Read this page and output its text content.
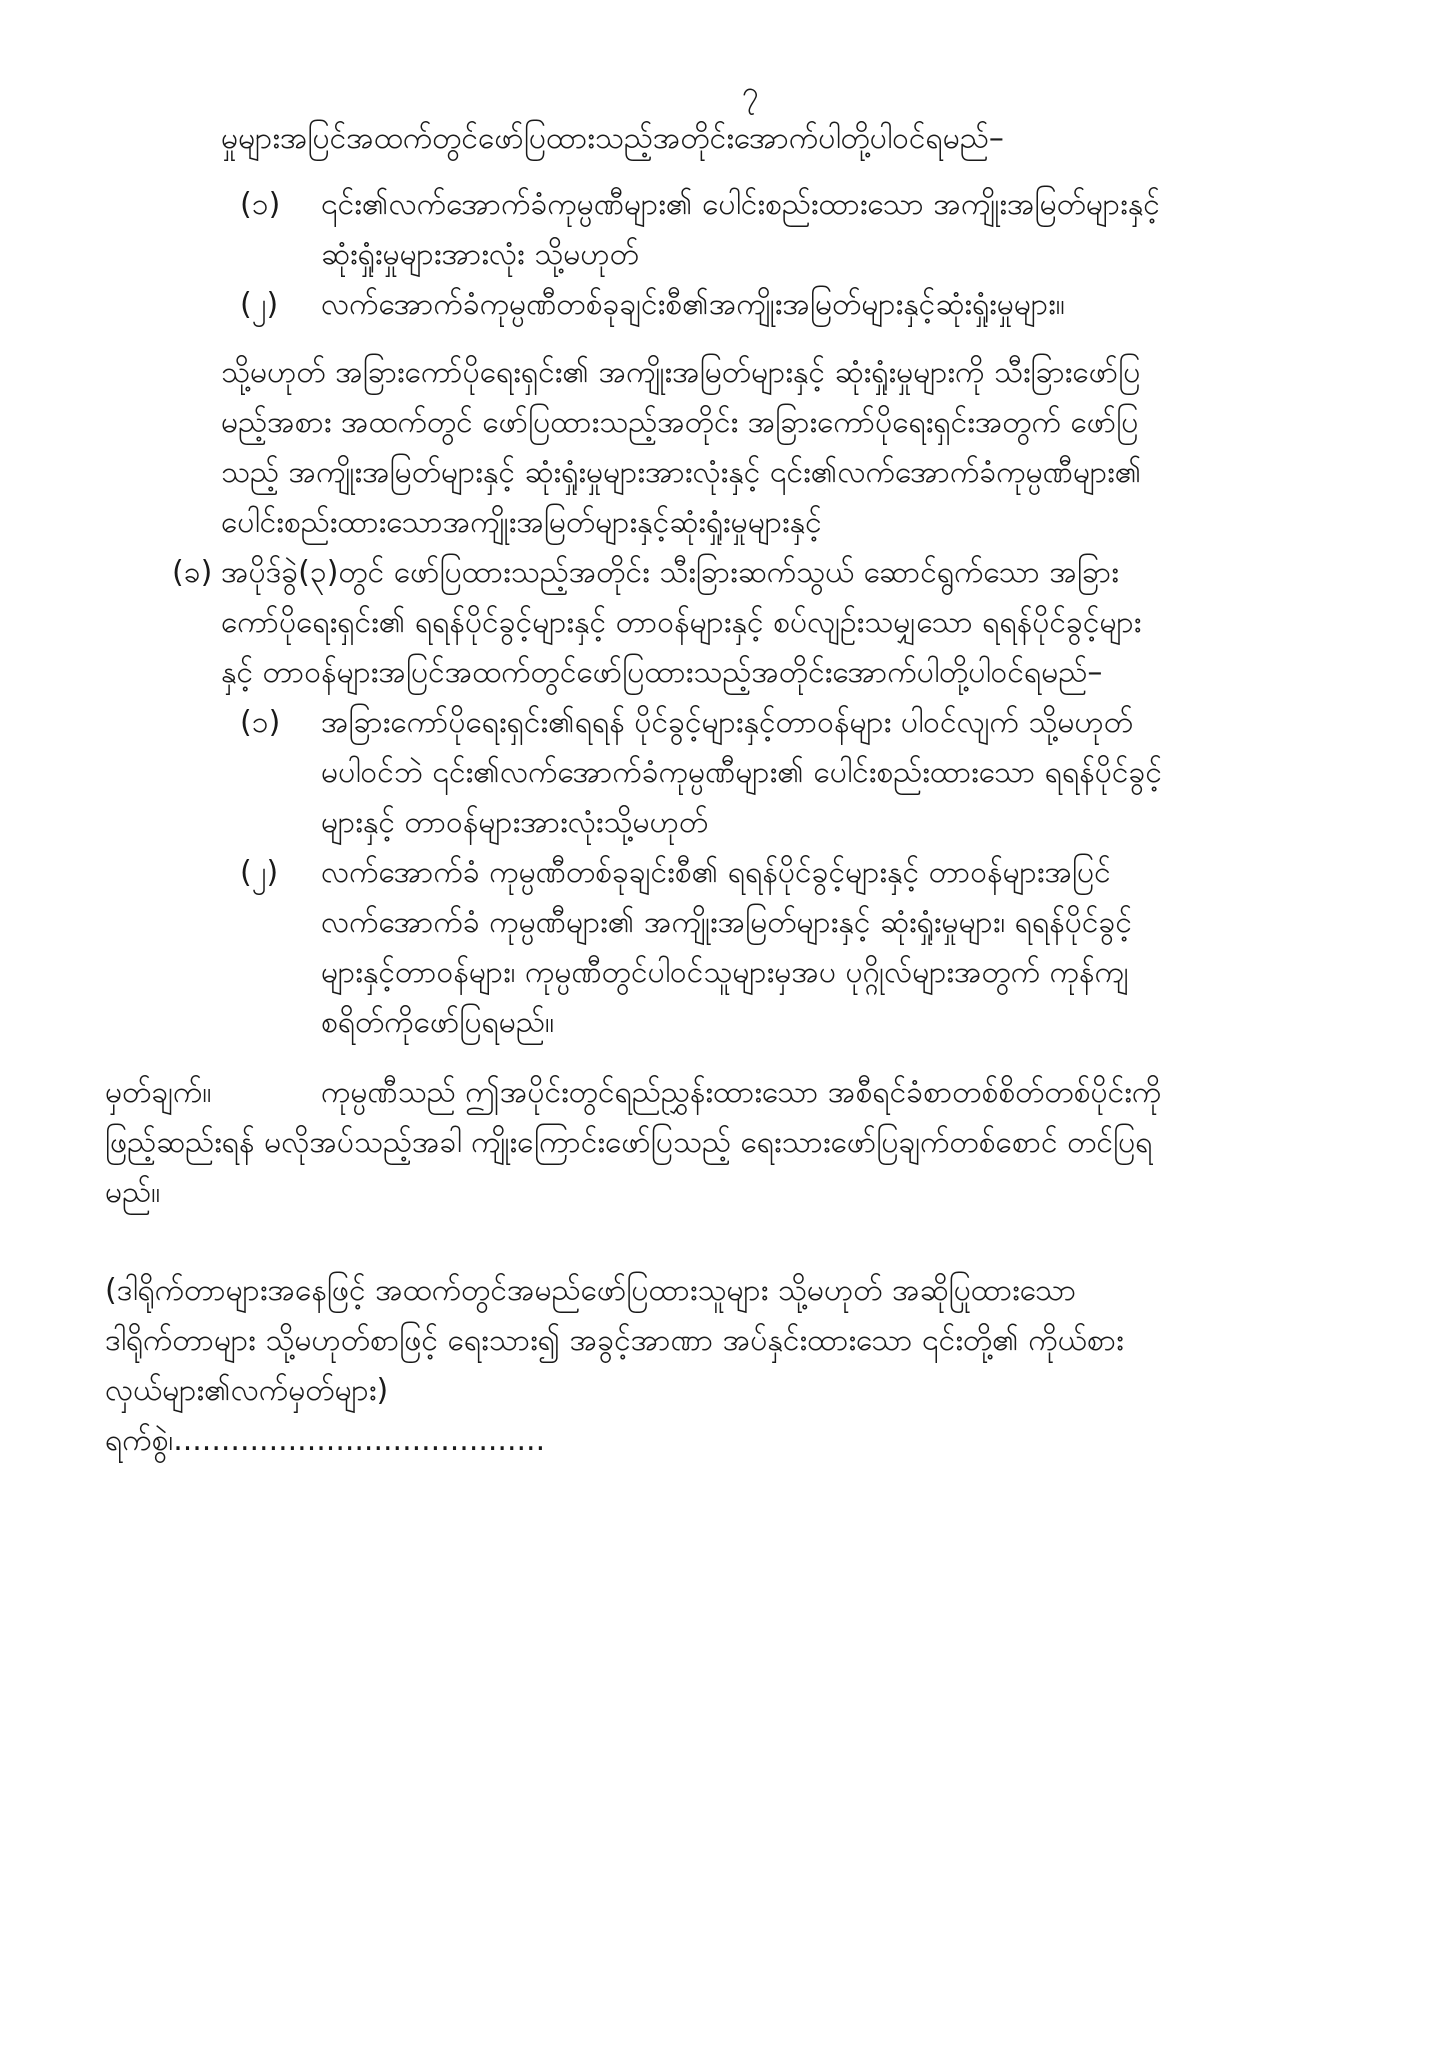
၇
မှုများအပြင်အထက်တွင်ဖော်ပြထားသည့်အတိုင်းအောက်ပါတို့ပါဝင်ရမည်–
(၁) ၎င်း၏လက်အောက်ခံကုမ္ပဏီများ၏ ပေါင်းစည်းထားသော အကျိုးအမြတ်များနှင့်
ဆုံးရှုံးမှုများအားလုံး သို့မဟုတ်
(၂) လက်အောက်ခံကုမ္ပဏီတစ်ခုချင်းစီ၏အကျိုးအမြတ်များနှင့်ဆုံးရှုံးမှုများ။
သို့မဟုတ် အခြားကော်ပိုရေးရှင်း၏ အကျိုးအမြတ်များနှင့် ဆုံးရှုံးမှုများကို သီးခြားဖော်ပြ
မည့်အစား အထက်တွင် ဖော်ပြထားသည့်အတိုင်း အခြားကော်ပိုရေးရှင်းအတွက် ဖော်ပြ
သည့် အကျိုးအမြတ်များနှင့် ဆုံးရှုံးမှုများအားလုံးနှင့် ၎င်း၏လက်အောက်ခံကုမ္ပဏီများ၏
ပေါင်းစည်းထားသောအကျိုးအမြတ်များနှင့်ဆုံးရှုံးမှုများနှင့်
(ခ) အပိုဒ်ခွဲ(၃)တွင် ဖော်ပြထားသည့်အတိုင်း သီးခြားဆက်သွယ် ဆောင်ရွက်သော အခြား
ကော်ပိုရေးရှင်း၏ ရရန်ပိုင်ခွင့်များနှင့် တာဝန်များနှင့် စပ်လျဉ်းသမျှသော ရရန်ပိုင်ခွင့်များ
နှင့် တာဝန်များအပြင်အထက်တွင်ဖော်ပြထားသည့်အတိုင်းအောက်ပါတို့ပါဝင်ရမည်–
(၁) အခြားကော်ပိုရေးရှင်း၏ရရန် ပိုင်ခွင့်များနှင့်တာဝန်များ ပါဝင်လျက် သို့မဟုတ်
မပါဝင်ဘဲ ၎င်း၏လက်အောက်ခံကုမ္ပဏီများ၏ ပေါင်းစည်းထားသော ရရန်ပိုင်ခွင့်
များနှင့် တာဝန်များအားလုံးသို့မဟုတ်
(၂) လက်အောက်ခံ ကုမ္ပဏီတစ်ခုချင်းစီ၏ ရရန်ပိုင်ခွင့်များနှင့် တာဝန်များအပြင်
လက်အောက်ခံ ကုမ္ပဏီများ၏ အကျိုးအမြတ်များနှင့် ဆုံးရှုံးမှုများ၊ ရရန်ပိုင်ခွင့်
များနှင့်တာဝန်များ၊ ကုမ္ပဏီတွင်ပါဝင်သူများမှအပ ပုဂ္ဂိုလ်များအတွက် ကုန်ကျ
စရိတ်ကိုဖော်ပြရမည်။
မှတ်ချက်။	ကုမ္ပဏီသည် ဤအပိုင်းတွင်ရည်ညွှန်းထားသော အစီရင်ခံစာတစ်စိတ်တစ်ပိုင်းကို
ဖြည့်ဆည်းရန် မလိုအပ်သည့်အခါ ကျိုးကြောင်းဖော်ပြသည့် ရေးသားဖော်ပြချက်တစ်စောင် တင်ပြရ
မည်။
(ဒါရိုက်တာများအနေဖြင့် အထက်တွင်အမည်ဖော်ပြထားသူများ သို့မဟုတ် အဆိုပြုထားသော
ဒါရိုက်တာများ သို့မဟုတ်စာဖြင့် ရေးသား၍ အခွင့်အာဏာ အပ်နှင်းထားသော ၎င်းတို့၏ ကိုယ်စား
လှယ်များ၏လက်မှတ်များ)
ရက်စွဲ၊.......................................
